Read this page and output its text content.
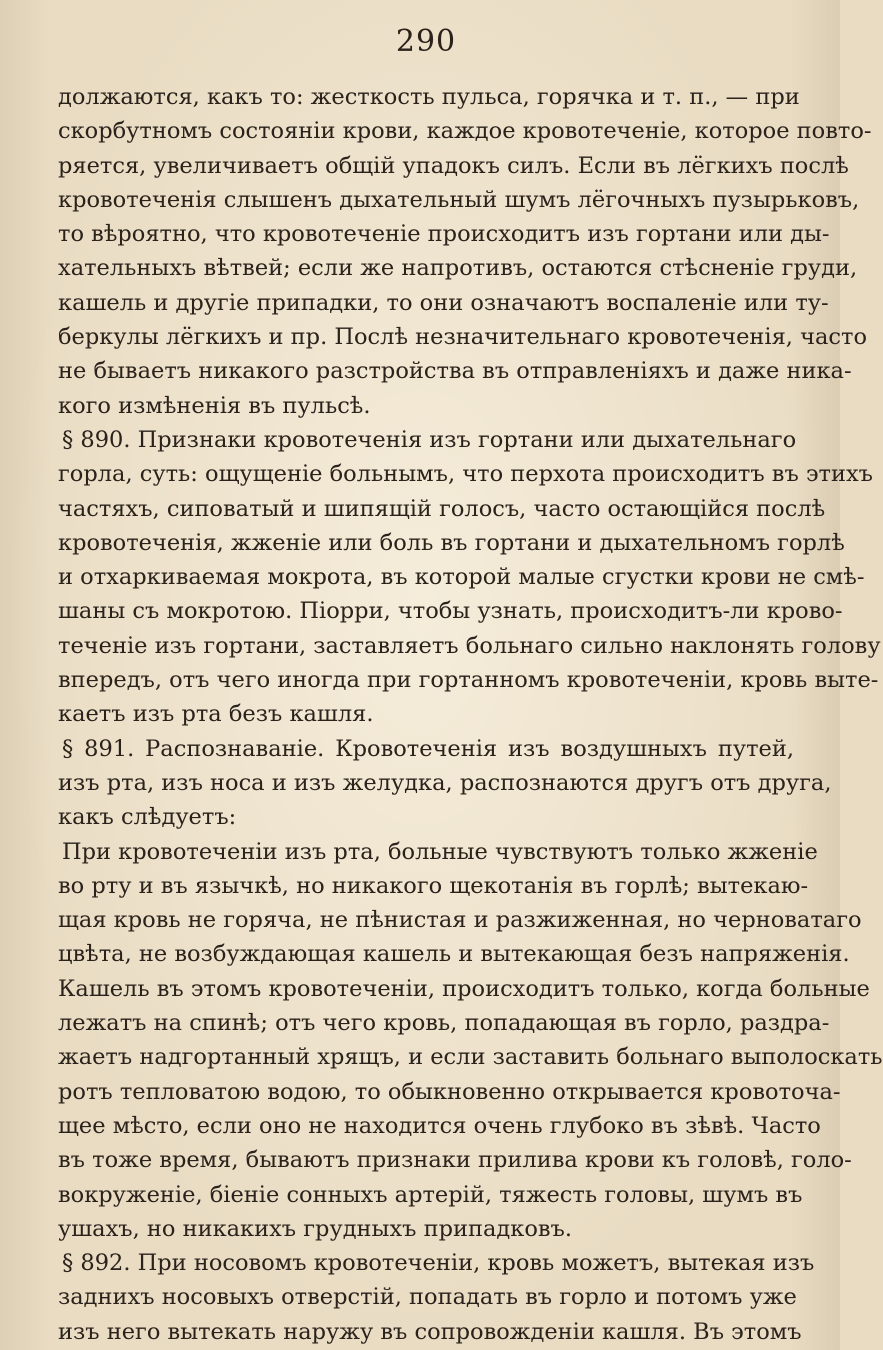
290

должаются, какъ то: жесткость пульса, горячка и т. п., — при
скорбутномъ состояніи крови, каждое кровотеченіе, которое повто-
ряется, увеличиваетъ общій упадокъ силъ. Если въ лёгкихъ послѣ
кровотеченія слышенъ дыхательный шумъ лёгочныхъ пузырьковъ,
то вѣроятно, что кровотеченіе происходитъ изъ гортани или ды-
хательныхъ вѣтвей; если же напротивъ, остаются стѣсненіе груди,
кашель и другіе припадки, то они означаютъ воспаленіе или ту-
беркулы лёгкихъ и пр. Послѣ незначительнаго кровотеченія, часто
не бываетъ никакого разстройства въ отправленіяхъ и даже ника-
кого измѣненія въ пульсѣ.

§ 890. Признаки кровотеченія изъ гортани или дыхательнаго
горла, суть: ощущеніе больнымъ, что перхота происходитъ въ этихъ
частяхъ, сиповатый и шипящій голосъ, часто остающійся послѣ
кровотеченія, жженіе или боль въ гортани и дыхательномъ горлѣ
и отхаркиваемая мокрота, въ которой малые сгустки крови не смѣ-
шаны съ мокротою. Піорри, чтобы узнать, происходитъ-ли крово-
теченіе изъ гортани, заставляетъ больнаго сильно наклонять голову
впередъ, отъ чего иногда при гортанномъ кровотеченіи, кровь выте-
каетъ изъ рта безъ кашля.

§ 891. Распознаваніе. Кровотеченія изъ воздушныхъ путей,
изъ рта, изъ носа и изъ желудка, распознаются другъ отъ друга,
какъ слѣдуетъ:

При кровотеченіи изъ рта, больные чувствуютъ только жженіе
во рту и въ язычкѣ, но никакого щекотанія въ горлѣ; вытекаю-
щая кровь не горяча, не пѣнистая и разжиженная, но черноватаго
цвѣта, не возбуждающая кашель и вытекающая безъ напряженія.
Кашель въ этомъ кровотеченіи, происходитъ только, когда больные
лежатъ на спинѣ; отъ чего кровь, попадающая въ горло, раздра-
жаетъ надгортанный хрящъ, и если заставить больнаго выполоскать
ротъ тепловатою водою, то обыкновенно открывается кровоточа-
щее мѣсто, если оно не находится очень глубоко въ зѣвѣ. Часто
въ тоже время, бываютъ признаки прилива крови къ головѣ, голо-
вокруженіе, біеніе сонныхъ артерій, тяжесть головы, шумъ въ
ушахъ, но никакихъ грудныхъ припадковъ.

§ 892. При носовомъ кровотеченіи, кровь можетъ, вытекая изъ
заднихъ носовыхъ отверстій, попадать въ горло и потомъ уже
изъ него вытекать наружу въ сопровожденіи кашля. Въ этомъ
